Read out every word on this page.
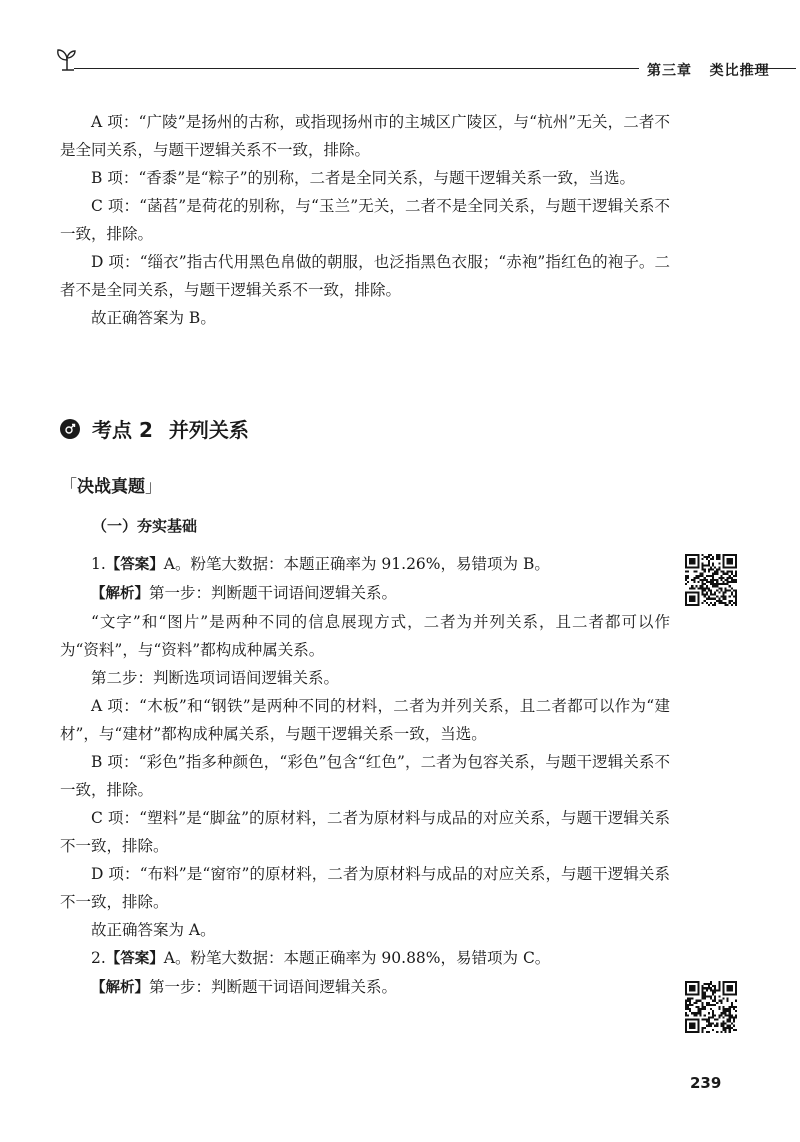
第三章 类比推理

A 项：“广陵”是扬州的古称，或指现扬州市的主城区广陵区，与“杭州”无关，二者不是全同关系，与题干逻辑关系不一致，排除。

B 项：“香黍”是“粽子”的别称，二者是全同关系，与题干逻辑关系一致，当选。

C 项：“菡萏”是荷花的别称，与“玉兰”无关，二者不是全同关系，与题干逻辑关系不一致，排除。

D 项：“缁衣”指古代用黑色帛做的朝服，也泛指黑色衣服；“赤袍”指红色的袍子。二者不是全同关系，与题干逻辑关系不一致，排除。

故正确答案为 B。

考点 2 并列关系
「决战真题」
（一）夯实基础

1.【答案】A。粉笔大数据：本题正确率为 91.26%，易错项为 B。

【解析】第一步：判断题干词语间逻辑关系。

“文字”和“图片”是两种不同的信息展现方式，二者为并列关系，且二者都可以作为“资料”，与“资料”都构成种属关系。

第二步：判断选项词语间逻辑关系。

A 项：“木板”和“钢铁”是两种不同的材料，二者为并列关系，且二者都可以作为“建材”，与“建材”都构成种属关系，与题干逻辑关系一致，当选。

B 项：“彩色”指多种颜色，“彩色”包含“红色”，二者为包容关系，与题干逻辑关系不一致，排除。

C 项：“塑料”是“脚盆”的原材料，二者为原材料与成品的对应关系，与题干逻辑关系不一致，排除。

D 项：“布料”是“窗帘”的原材料，二者为原材料与成品的对应关系，与题干逻辑关系不一致，排除。

故正确答案为 A。

2.【答案】A。粉笔大数据：本题正确率为 90.88%，易错项为 C。

【解析】第一步：判断题干词语间逻辑关系。

239
